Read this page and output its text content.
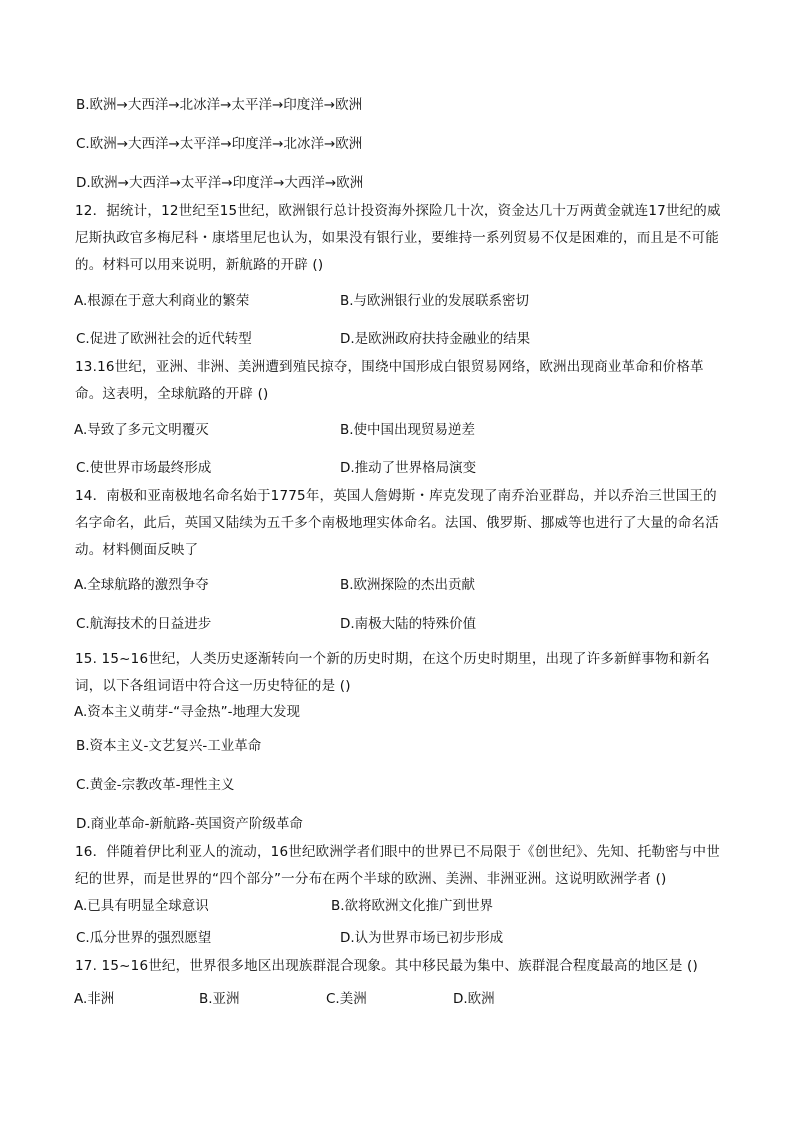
B.欧洲→大西洋→北冰洋→太平洋→印度洋→欧洲
C.欧洲→大西洋→太平洋→印度洋→北冰洋→欧洲
D.欧洲→大西洋→太平洋→印度洋→大西洋→欧洲
12．据统计，12世纪至15世纪，欧洲银行总计投资海外探险几十次，资金达几十万两黄金就连17世纪的威尼斯执政官多梅尼科・康塔里尼也认为，如果没有银行业，要维持一系列贸易不仅是困难的，而且是不可能的。材料可以用来说明，新航路的开辟 ()
A.根源在于意大利商业的繁荣	B.与欧洲银行业的发展联系密切
C.促进了欧洲社会的近代转型	D.是欧洲政府扶持金融业的结果
13.16世纪，亚洲、非洲、美洲遭到殖民掠夺，围绕中国形成白银贸易网络，欧洲出现商业革命和价格革命。这表明，全球航路的开辟 ()
A.导致了多元文明覆灭	B.使中国出现贸易逆差
C.使世界市场最终形成	D.推动了世界格局演变
14．南极和亚南极地名命名始于1775年，英国人詹姆斯・库克发现了南乔治亚群岛，并以乔治三世国王的名字命名，此后，英国又陆续为五千多个南极地理实体命名。法国、俄罗斯、挪威等也进行了大量的命名活动。材料侧面反映了
A.全球航路的激烈争夺	B.欧洲探险的杰出贡献
C.航海技术的日益进步	D.南极大陆的特殊价值
15. 15~16世纪，人类历史逐渐转向一个新的历史时期，在这个历史时期里，出现了许多新鲜事物和新名词，以下各组词语中符合这一历史特征的是 ()
A.资本主义萌芽-“寻金热”-地理大发现
B.资本主义-文艺复兴-工业革命
C.黄金-宗教改革-理性主义
D.商业革命-新航路-英国资产阶级革命
16．伴随着伊比利亚人的流动，16世纪欧洲学者们眼中的世界已不局限于《创世纪》、先知、托勒密与中世纪的世界，而是世界的“四个部分”一分布在两个半球的欧洲、美洲、非洲亚洲。这说明欧洲学者 ()
A.已具有明显全球意识	B.欲将欧洲文化推广到世界
C.瓜分世界的强烈愿望	D.认为世界市场已初步形成
17. 15~16世纪，世界很多地区出现族群混合现象。其中移民最为集中、族群混合程度最高的地区是 ()
A.非洲	B.亚洲	C.美洲	D.欧洲
